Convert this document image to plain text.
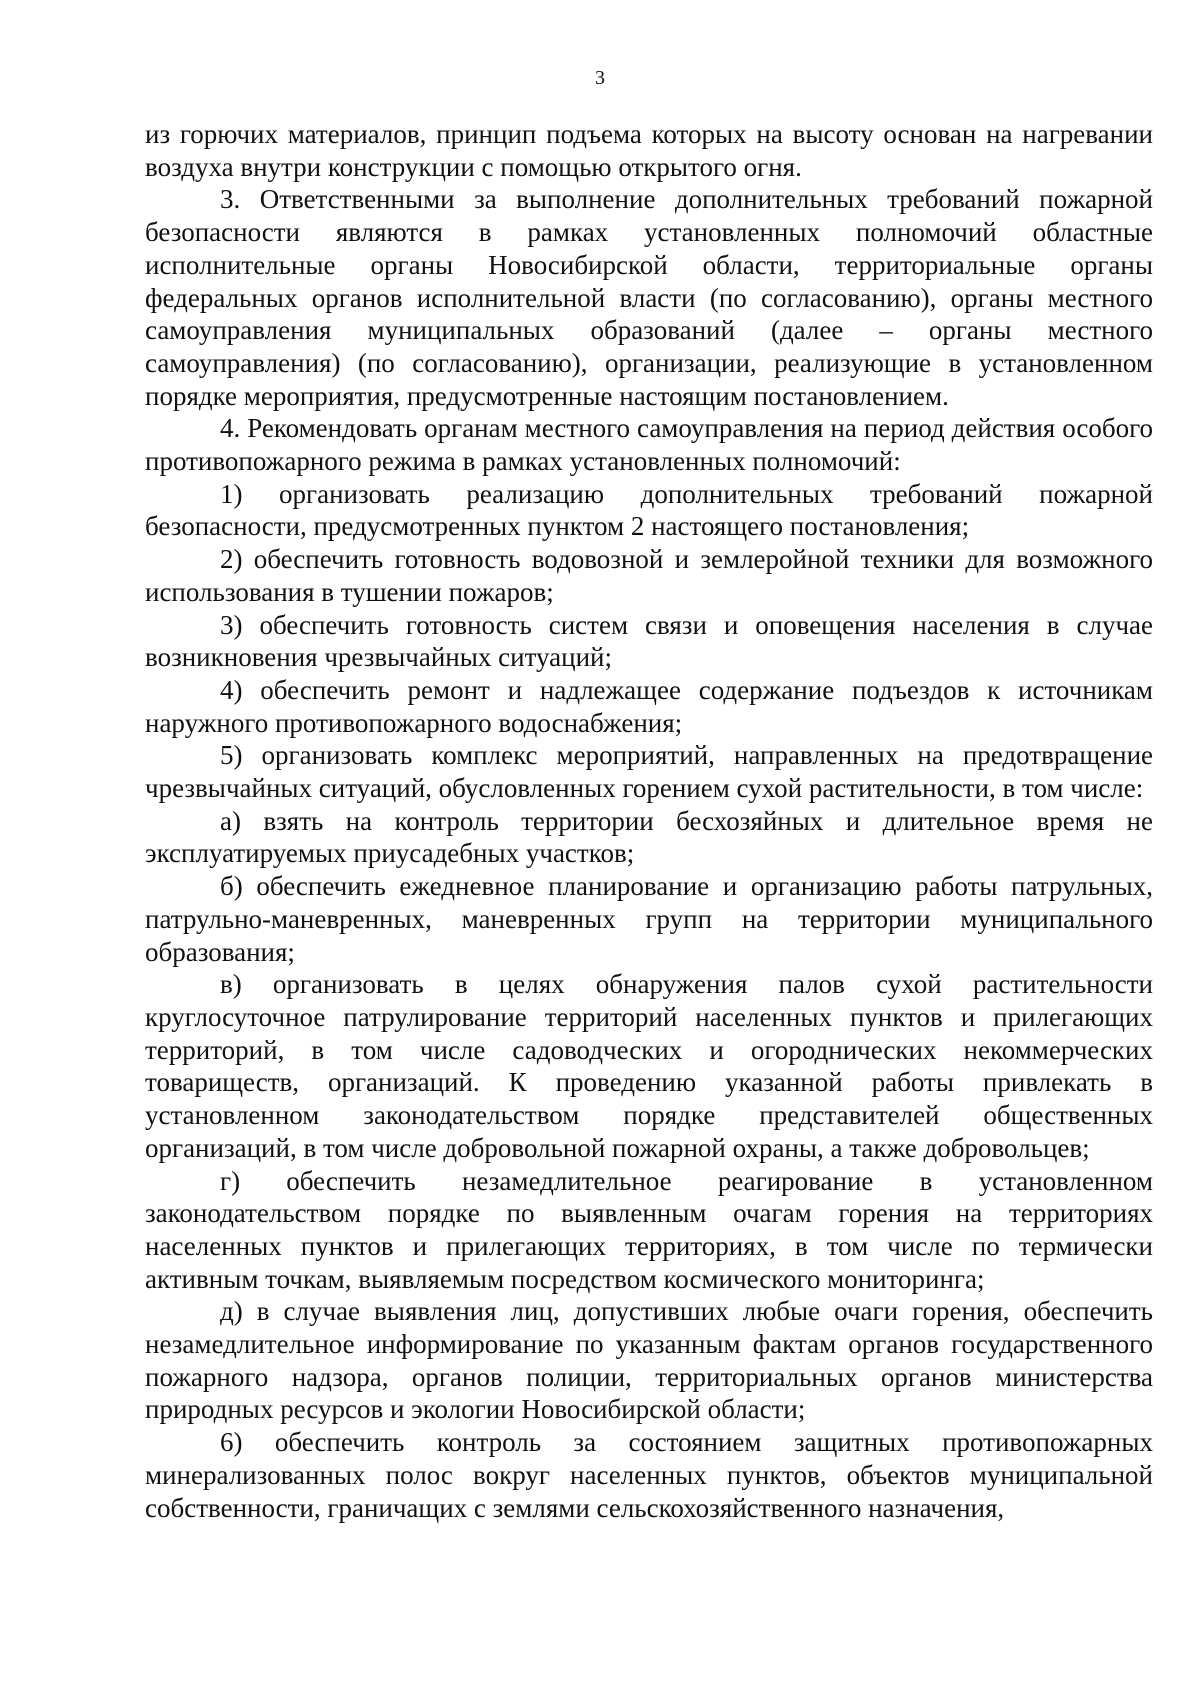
3

из горючих материалов, принцип подъема которых на высоту основан на нагревании воздуха внутри конструкции с помощью открытого огня.

3. Ответственными за выполнение дополнительных требований пожарной безопасности являются в рамках установленных полномочий областные исполнительные органы Новосибирской области, территориальные органы федеральных органов исполнительной власти (по согласованию), органы местного самоуправления муниципальных образований (далее – органы местного самоуправления) (по согласованию), организации, реализующие в установленном порядке мероприятия, предусмотренные настоящим постановлением.

4. Рекомендовать органам местного самоуправления на период действия особого противопожарного режима в рамках установленных полномочий:

1) организовать реализацию дополнительных требований пожарной безопасности, предусмотренных пунктом 2 настоящего постановления;

2) обеспечить готовность водовозной и землеройной техники для возможного использования в тушении пожаров;

3) обеспечить готовность систем связи и оповещения населения в случае возникновения чрезвычайных ситуаций;

4) обеспечить ремонт и надлежащее содержание подъездов к источникам наружного противопожарного водоснабжения;

5) организовать комплекс мероприятий, направленных на предотвращение чрезвычайных ситуаций, обусловленных горением сухой растительности, в том числе:

а) взять на контроль территории бесхозяйных и длительное время не эксплуатируемых приусадебных участков;

б) обеспечить ежедневное планирование и организацию работы патрульных, патрульно-маневренных, маневренных групп на территории муниципального образования;

в) организовать в целях обнаружения палов сухой растительности круглосуточное патрулирование территорий населенных пунктов и прилегающих территорий, в том числе садоводческих и огороднических некоммерческих товариществ, организаций. К проведению указанной работы привлекать в установленном законодательством порядке представителей общественных организаций, в том числе добровольной пожарной охраны, а также добровольцев;

г) обеспечить незамедлительное реагирование в установленном законодательством порядке по выявленным очагам горения на территориях населенных пунктов и прилегающих территориях, в том числе по термически активным точкам, выявляемым посредством космического мониторинга;

д) в случае выявления лиц, допустивших любые очаги горения, обеспечить незамедлительное информирование по указанным фактам органов государственного пожарного надзора, органов полиции, территориальных органов министерства природных ресурсов и экологии Новосибирской области;

6) обеспечить контроль за состоянием защитных противопожарных минерализованных полос вокруг населенных пунктов, объектов муниципальной собственности, граничащих с землями сельскохозяйственного назначения,
